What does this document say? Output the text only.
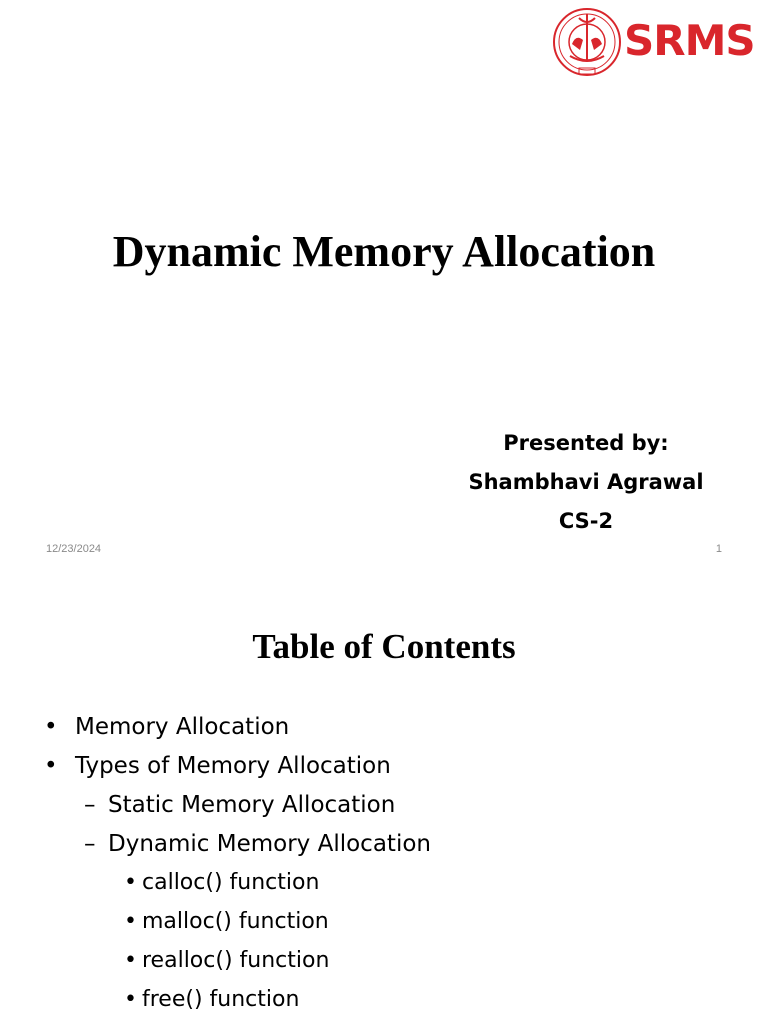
SRMS
Dynamic Memory Allocation
Presented by:
Shambhavi Agrawal
CS-2
12/23/2024	1
Table of Contents
• Memory Allocation
• Types of Memory Allocation
– Static Memory Allocation
– Dynamic Memory Allocation
• calloc() function
• malloc() function
• realloc() function
• free() function
